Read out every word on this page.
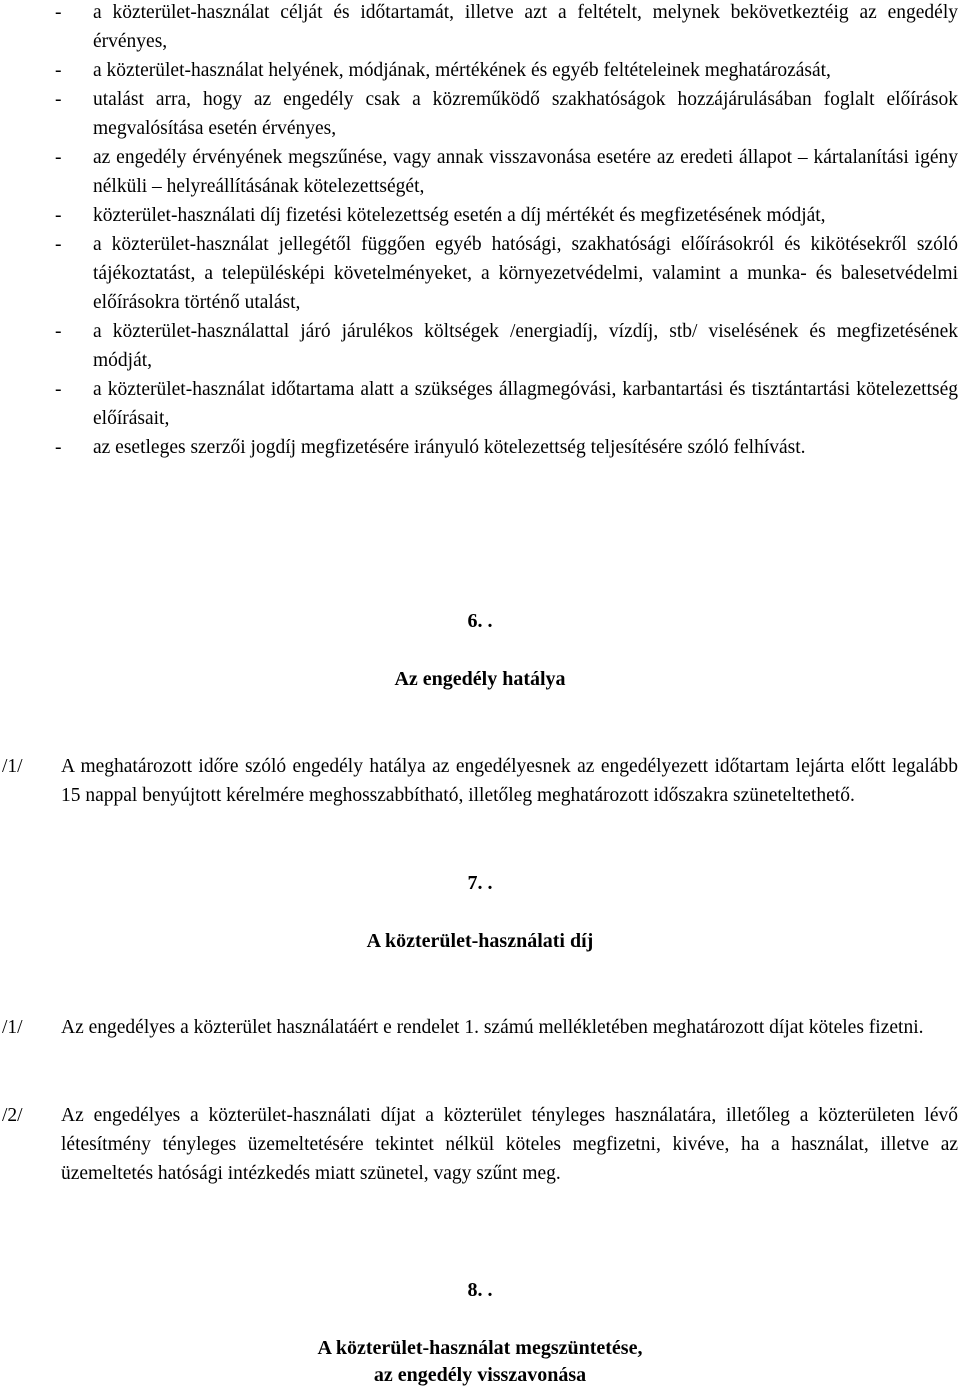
- a közterület-használat célját és időtartamát, illetve azt a feltételt, melynek bekövetkeztéig az engedély érvényes,
- a közterület-használat helyének, módjának, mértékének és egyéb feltételeinek meghatározását,
- utalást arra, hogy az engedély csak a közreműködő szakhatóságok hozzájárulásában foglalt előírások megvalósítása esetén érvényes,
- az engedély érvényének megszűnése, vagy annak visszavonása esetére az eredeti állapot – kártalanítási igény nélküli – helyreállításának kötelezettségét,
- közterület-használati díj fizetési kötelezettség esetén a díj mértékét és megfizetésének módját,
- a közterület-használat jellegétől függően egyéb hatósági, szakhatósági előírásokról és kikötésekről szóló tájékoztatást, a településképi követelményeket, a környezetvédelmi, valamint a munka- és balesetvédelmi előírásokra történő utalást,
- a közterület-használattal járó járulékos költségek /energiadíj, vízdíj, stb/ viselésének és megfizetésének módját,
- a közterület-használat időtartama alatt a szükséges állagmegóvási, karbantartási és tisztántartási kötelezettség előírásait,
- az esetleges szerzői jogdíj megfizetésére irányuló kötelezettség teljesítésére szóló felhívást.
6. .
Az engedély hatálya
/1/ A meghatározott időre szóló engedély hatálya az engedélyesnek az engedélyezett időtartam lejárta előtt legalább 15 nappal benyújtott kérelmére meghosszabbítható, illetőleg meghatározott időszakra szüneteltethető.
7. .
A közterület-használati díj
/1/ Az engedélyes a közterület használatáért e rendelet 1. számú mellékletében meghatározott díjat köteles fizetni.
/2/ Az engedélyes a közterület-használati díjat a közterület tényleges használatára, illetőleg a közterületen lévő létesítmény tényleges üzemeltetésére tekintet nélkül köteles megfizetni, kivéve, ha a használat, illetve az üzemeltetés hatósági intézkedés miatt szünetel, vagy szűnt meg.
8. .
A közterület-használat megszüntetése,
az engedély visszavonása
